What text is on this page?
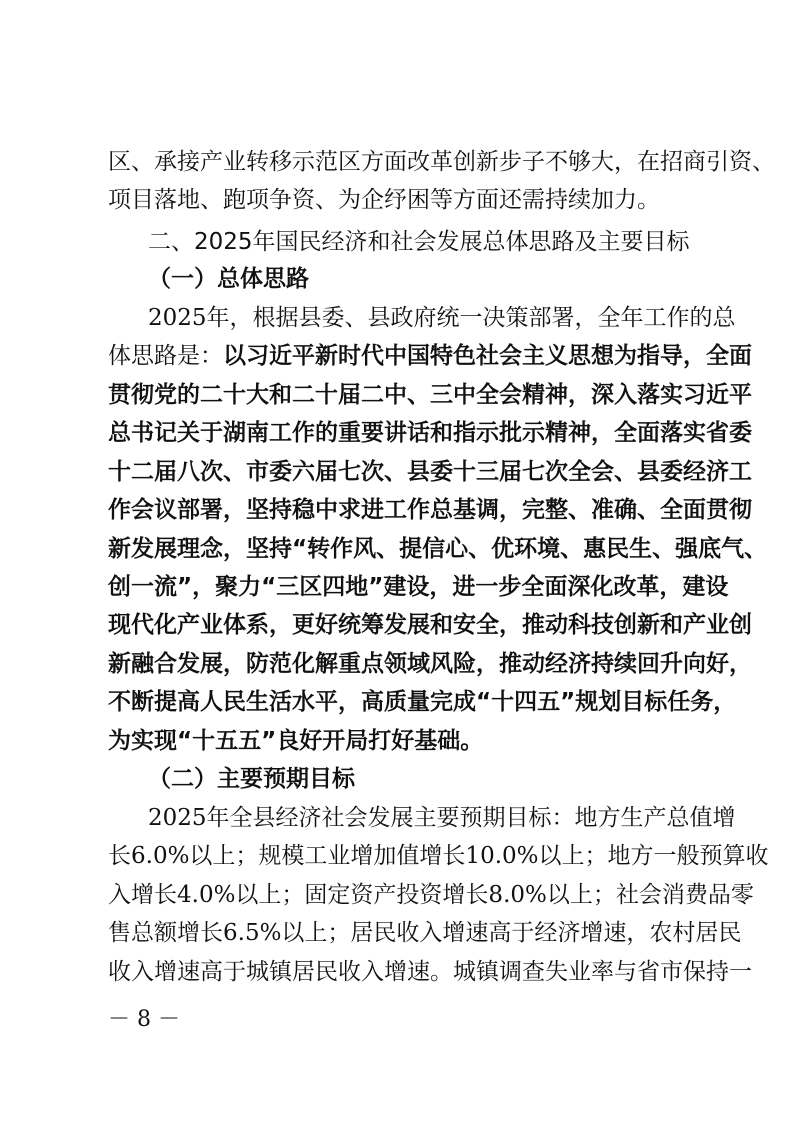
区、承接产业转移示范区方面改革创新步子不够大，在招商引资、
项目落地、跑项争资、为企纾困等方面还需持续加力。
二、2025年国民经济和社会发展总体思路及主要目标
（一）总体思路
2025年，根据县委、县政府统一决策部署，全年工作的总
体思路是：以习近平新时代中国特色社会主义思想为指导，全面
贯彻党的二十大和二十届二中、三中全会精神，深入落实习近平
总书记关于湖南工作的重要讲话和指示批示精神，全面落实省委
十二届八次、市委六届七次、县委十三届七次全会、县委经济工
作会议部署，坚持稳中求进工作总基调，完整、准确、全面贯彻
新发展理念，坚持“转作风、提信心、优环境、惠民生、强底气、
创一流”，聚力“三区四地”建设，进一步全面深化改革，建设
现代化产业体系，更好统筹发展和安全，推动科技创新和产业创
新融合发展，防范化解重点领域风险，推动经济持续回升向好，
不断提高人民生活水平，高质量完成“十四五”规划目标任务，
为实现“十五五”良好开局打好基础。
（二）主要预期目标
2025年全县经济社会发展主要预期目标：地方生产总值增
长6.0%以上；规模工业增加值增长10.0%以上；地方一般预算收
入增长4.0%以上；固定资产投资增长8.0%以上；社会消费品零
售总额增长6.5%以上；居民收入增速高于经济增速，农村居民
收入增速高于城镇居民收入增速。城镇调查失业率与省市保持一
－ 8 －
